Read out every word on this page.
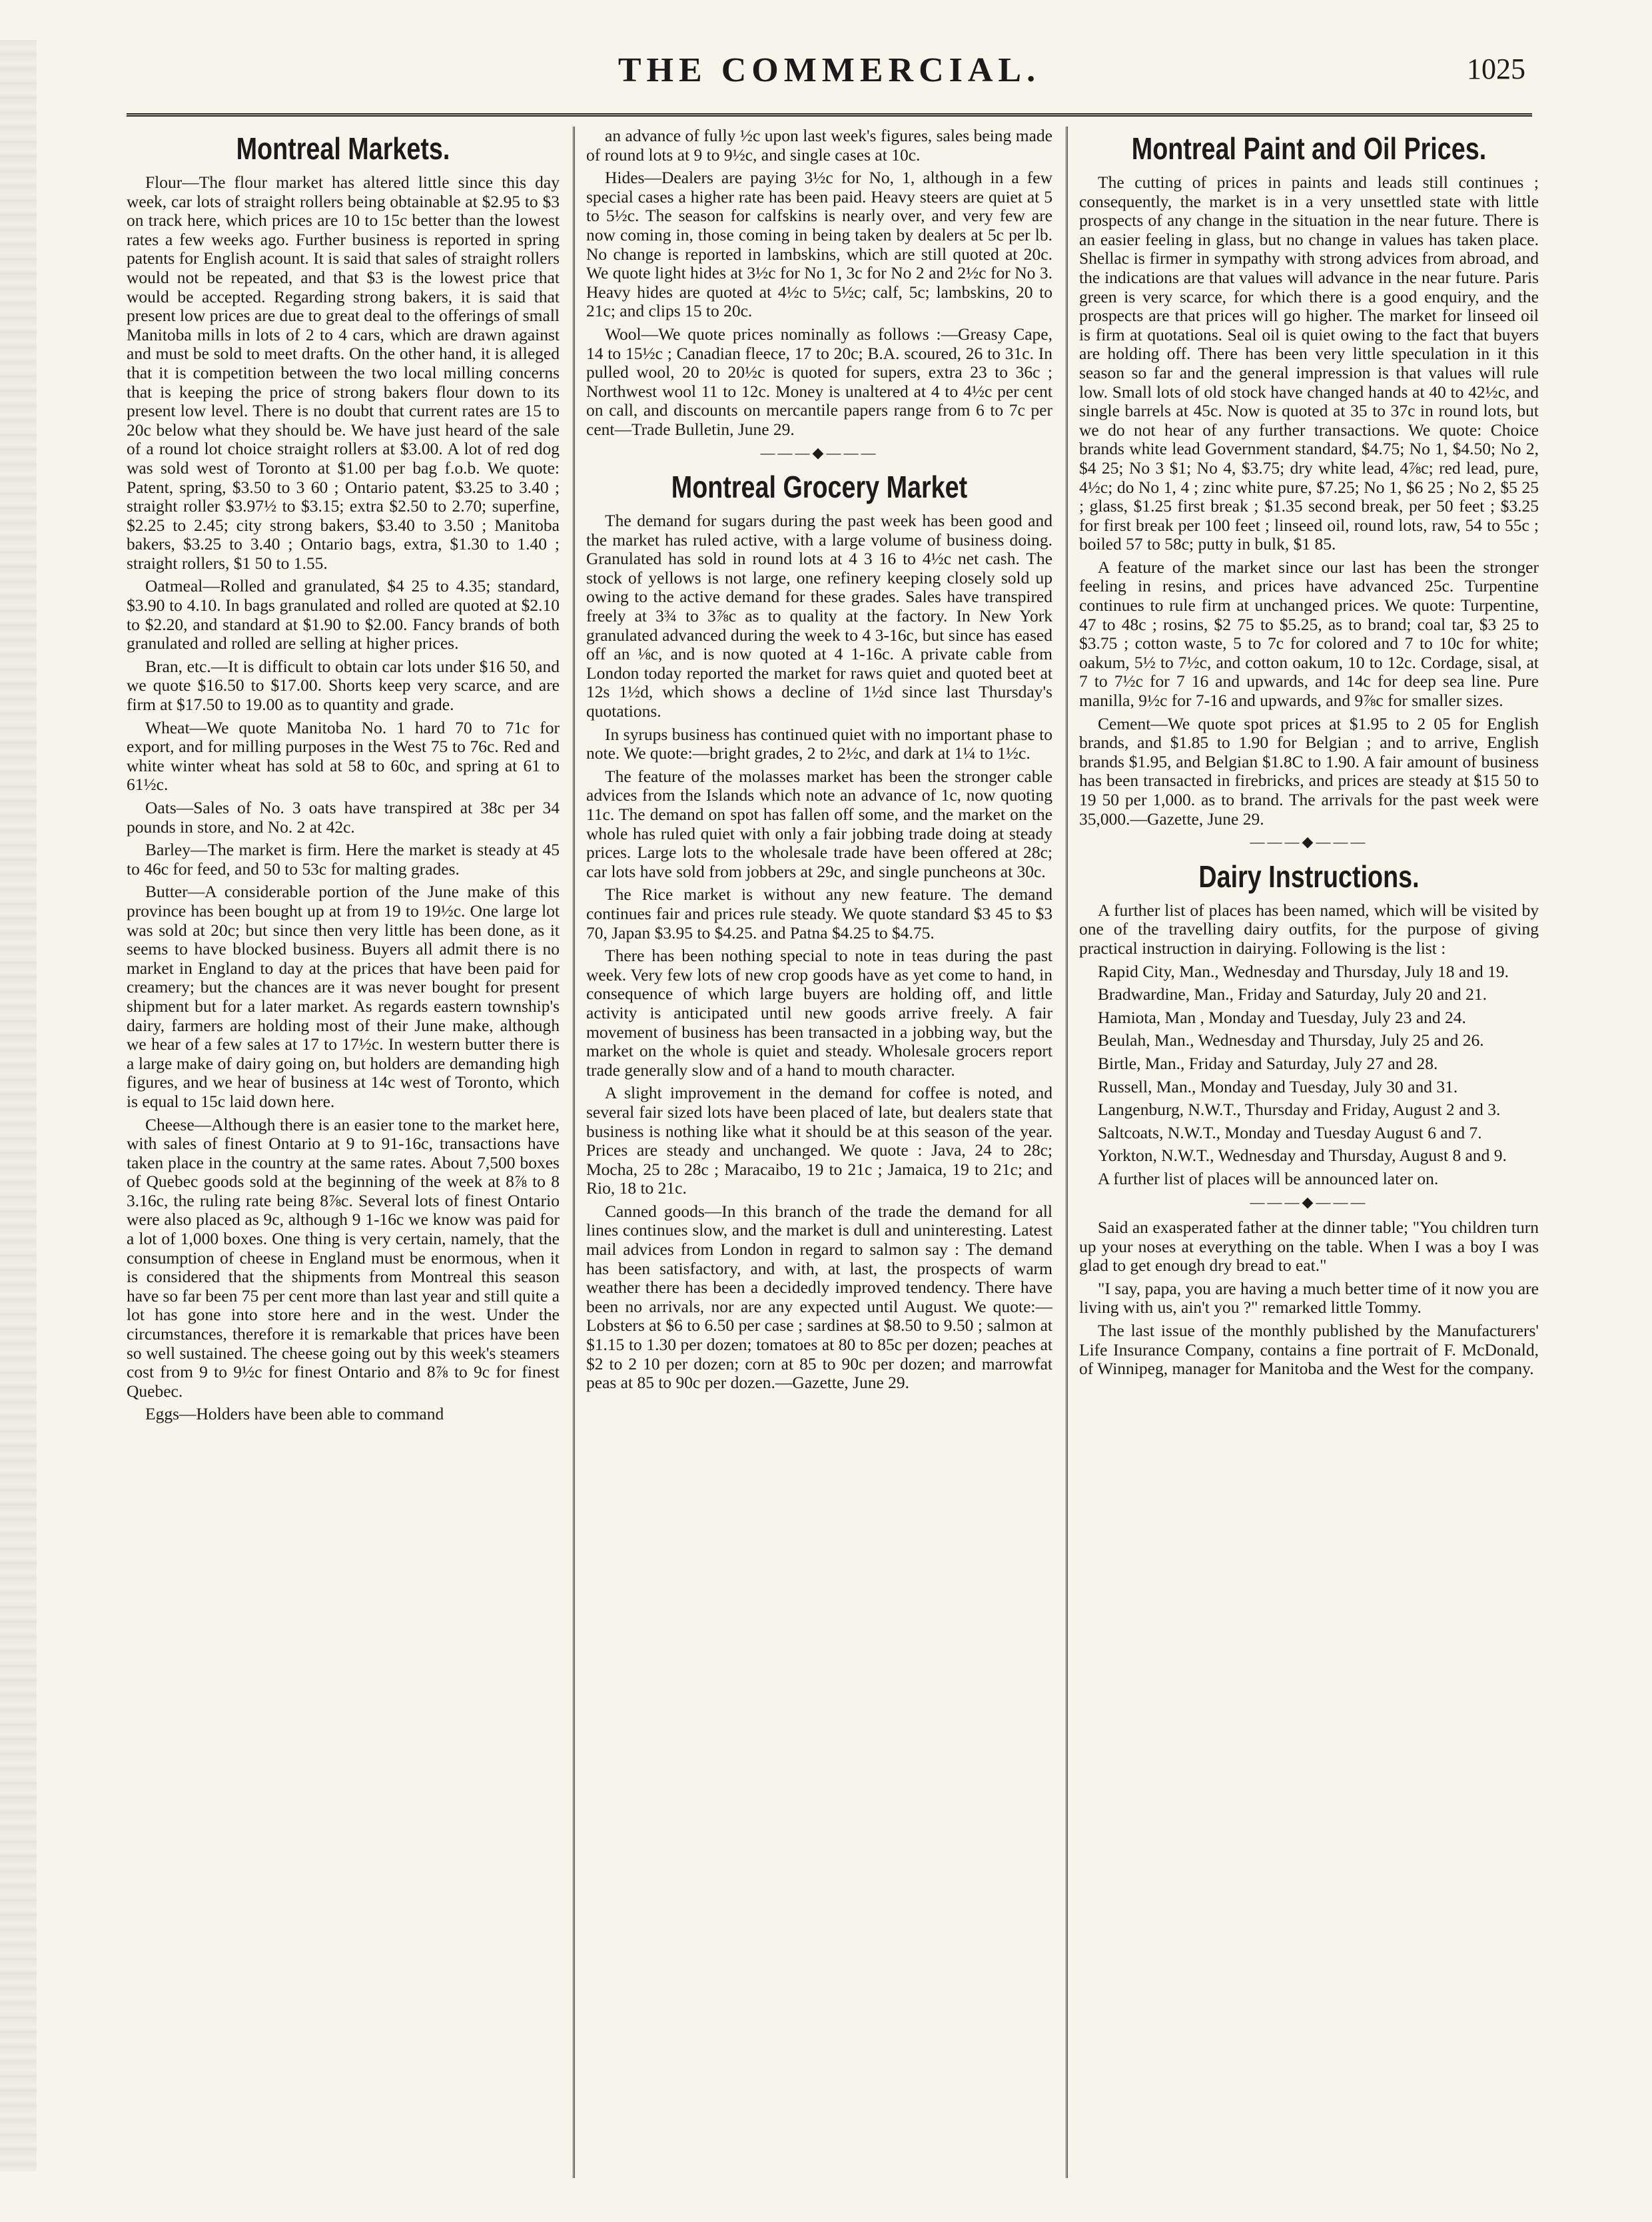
THE COMMERCIAL.	1025
Montreal Markets.

Flour—The flour market has altered little since this day week, car lots of straight rollers being obtainable at $2.95 to $3 on track here, which prices are 10 to 15c better than the lowest rates a few weeks ago. Further business is reported in spring patents for English acount. It is said that sales of straight rollers would not be repeated, and that $3 is the lowest price that would be accepted. Regarding strong bakers, it is said that present low prices are due to great deal to the offerings of small Manitoba mills in lots of 2 to 4 cars, which are drawn against and must be sold to meet drafts. On the other hand, it is alleged that it is competition between the two local milling concerns that is keeping the price of strong bakers flour down to its present low level. There is no doubt that current rates are 15 to 20c below what they should be. We have just heard of the sale of a round lot choice straight rollers at $3.00. A lot of red dog was sold west of Toronto at $1.00 per bag f.o.b. We quote: Patent, spring, $3.50 to 3 60 ; Ontario patent, $3.25 to 3.40 ; straight roller $3.97½ to $3.15; extra $2.50 to 2.70; superfine, $2.25 to 2.45; city strong bakers, $3.40 to 3.50 ; Manitoba bakers, $3.25 to 3.40 ; Ontario bags, extra, $1.30 to 1.40 ; straight rollers, $1 50 to 1.55.

Oatmeal—Rolled and granulated, $4 25 to 4.35; standard, $3.90 to 4.10. In bags granulated and rolled are quoted at $2.10 to $2.20, and standard at $1.90 to $2.00. Fancy brands of both granulated and rolled are selling at higher prices.

Bran, etc.—It is difficult to obtain car lots under $16 50, and we quote $16.50 to $17.00. Shorts keep very scarce, and are firm at $17.50 to 19.00 as to quantity and grade.

Wheat—We quote Manitoba No. 1 hard 70 to 71c for export, and for milling purposes in the West 75 to 76c. Red and white winter wheat has sold at 58 to 60c, and spring at 61 to 61½c.

Oats—Sales of No. 3 oats have transpired at 38c per 34 pounds in store, and No. 2 at 42c.

Barley—The market is firm. Here the market is steady at 45 to 46c for feed, and 50 to 53c for malting grades.

Butter—A considerable portion of the June make of this province has been bought up at from 19 to 19½c. One large lot was sold at 20c; but since then very little has been done, as it seems to have blocked business. Buyers all admit there is no market in England to day at the prices that have been paid for creamery; but the chances are it was never bought for present shipment but for a later market. As regards eastern township's dairy, farmers are holding most of their June make, although we hear of a few sales at 17 to 17½c. In western butter there is a large make of dairy going on, but holders are demanding high figures, and we hear of business at 14c west of Toronto, which is equal to 15c laid down here.

Cheese—Although there is an easier tone to the market here, with sales of finest Ontario at 9 to 91-16c, transactions have taken place in the country at the same rates. About 7,500 boxes of Quebec goods sold at the beginning of the week at 8⅞ to 8 3.16c, the ruling rate being 8⅞c. Several lots of finest Ontario were also placed as 9c, although 9 1-16c we know was paid for a lot of 1,000 boxes. One thing is very certain, namely, that the consumption of cheese in England must be enormous, when it is considered that the shipments from Montreal this season have so far been 75 per cent more than last year and still quite a lot has gone into store here and in the west. Under the circumstances, therefore it is remarkable that prices have been so well sustained. The cheese going out by this week's steamers cost from 9 to 9½c for finest Ontario and 8⅞ to 9c for finest Quebec.

Eggs—Holders have been able to command

an advance of fully ½c upon last week's figures, sales being made of round lots at 9 to 9½c, and single cases at 10c.

Hides—Dealers are paying 3½c for No, 1, although in a few special cases a higher rate has been paid. Heavy steers are quiet at 5 to 5½c. The season for calfskins is nearly over, and very few are now coming in, those coming in being taken by dealers at 5c per lb. No change is reported in lambskins, which are still quoted at 20c. We quote light hides at 3½c for No 1, 3c for No 2 and 2½c for No 3. Heavy hides are quoted at 4½c to 5½c; calf, 5c; lambskins, 20 to 21c; and clips 15 to 20c.

Wool—We quote prices nominally as follows :—Greasy Cape, 14 to 15½c ; Canadian fleece, 17 to 20c; B.A. scoured, 26 to 31c. In pulled wool, 20 to 20½c is quoted for supers, extra 23 to 36c ; Northwest wool 11 to 12c. Money is unaltered at 4 to 4½c per cent on call, and discounts on mercantile papers range from 6 to 7c per cent—Trade Bulletin, June 29.

———◆———
Montreal Grocery Market

The demand for sugars during the past week has been good and the market has ruled active, with a large volume of business doing. Granulated has sold in round lots at 4 3 16 to 4½c net cash. The stock of yellows is not large, one refinery keeping closely sold up owing to the active demand for these grades. Sales have transpired freely at 3¾ to 3⅞c as to quality at the factory. In New York granulated advanced during the week to 4 3-16c, but since has eased off an ⅛c, and is now quoted at 4 1-16c. A private cable from London today reported the market for raws quiet and quoted beet at 12s 1½d, which shows a decline of 1½d since last Thursday's quotations.

In syrups business has continued quiet with no important phase to note. We quote:—bright grades, 2 to 2½c, and dark at 1¼ to 1½c.

The feature of the molasses market has been the stronger cable advices from the Islands which note an advance of 1c, now quoting 11c. The demand on spot has fallen off some, and the market on the whole has ruled quiet with only a fair jobbing trade doing at steady prices. Large lots to the wholesale trade have been offered at 28c; car lots have sold from jobbers at 29c, and single puncheons at 30c.

The Rice market is without any new feature. The demand continues fair and prices rule steady. We quote standard $3 45 to $3 70, Japan $3.95 to $4.25. and Patna $4.25 to $4.75.

There has been nothing special to note in teas during the past week. Very few lots of new crop goods have as yet come to hand, in consequence of which large buyers are holding off, and little activity is anticipated until new goods arrive freely. A fair movement of business has been transacted in a jobbing way, but the market on the whole is quiet and steady. Wholesale grocers report trade generally slow and of a hand to mouth character.

A slight improvement in the demand for coffee is noted, and several fair sized lots have been placed of late, but dealers state that business is nothing like what it should be at this season of the year. Prices are steady and unchanged. We quote : Java, 24 to 28c; Mocha, 25 to 28c ; Maracaibo, 19 to 21c ; Jamaica, 19 to 21c; and Rio, 18 to 21c.

Canned goods—In this branch of the trade the demand for all lines continues slow, and the market is dull and uninteresting. Latest mail advices from London in regard to salmon say : The demand has been satisfactory, and with, at last, the prospects of warm weather there has been a decidedly improved tendency. There have been no arrivals, nor are any expected until August. We quote:—Lobsters at $6 to 6.50 per case ; sardines at $8.50 to 9.50 ; salmon at $1.15 to 1.30 per dozen; tomatoes at 80 to 85c per dozen; peaches at $2 to 2 10 per dozen; corn at 85 to 90c per dozen; and marrowfat peas at 85 to 90c per dozen.—Gazette, June 29.

Montreal Paint and Oil Prices.

The cutting of prices in paints and leads still continues ; consequently, the market is in a very unsettled state with little prospects of any change in the situation in the near future. There is an easier feeling in glass, but no change in values has taken place. Shellac is firmer in sympathy with strong advices from abroad, and the indications are that values will advance in the near future. Paris green is very scarce, for which there is a good enquiry, and the prospects are that prices will go higher. The market for linseed oil is firm at quotations. Seal oil is quiet owing to the fact that buyers are holding off. There has been very little speculation in it this season so far and the general impression is that values will rule low. Small lots of old stock have changed hands at 40 to 42½c, and single barrels at 45c. Now is quoted at 35 to 37c in round lots, but we do not hear of any further transactions. We quote: Choice brands white lead Government standard, $4.75; No 1, $4.50; No 2, $4 25; No 3 $1; No 4, $3.75; dry white lead, 4⅞c; red lead, pure, 4½c; do No 1, 4 ; zinc white pure, $7.25; No 1, $6 25 ; No 2, $5 25 ; glass, $1.25 first break ; $1.35 second break, per 50 feet ; $3.25 for first break per 100 feet ; linseed oil, round lots, raw, 54 to 55c ; boiled 57 to 58c; putty in bulk, $1 85.

A feature of the market since our last has been the stronger feeling in resins, and prices have advanced 25c. Turpentine continues to rule firm at unchanged prices. We quote: Turpentine, 47 to 48c ; rosins, $2 75 to $5.25, as to brand; coal tar, $3 25 to $3.75 ; cotton waste, 5 to 7c for colored and 7 to 10c for white; oakum, 5½ to 7½c, and cotton oakum, 10 to 12c. Cordage, sisal, at 7 to 7½c for 7 16 and upwards, and 14c for deep sea line. Pure manilla, 9½c for 7-16 and upwards, and 9⅞c for smaller sizes.

Cement—We quote spot prices at $1.95 to 2 05 for English brands, and $1.85 to 1.90 for Belgian ; and to arrive, English brands $1.95, and Belgian $1.8C to 1.90. A fair amount of business has been transacted in firebricks, and prices are steady at $15 50 to 19 50 per 1,000. as to brand. The arrivals for the past week were 35,000.—Gazette, June 29.

———◆———
Dairy Instructions.

A further list of places has been named, which will be visited by one of the travelling dairy outfits, for the purpose of giving practical instruction in dairying. Following is the list :

Rapid City, Man., Wednesday and Thursday, July 18 and 19.

Bradwardine, Man., Friday and Saturday, July 20 and 21.

Hamiota, Man , Monday and Tuesday, July 23 and 24.

Beulah, Man., Wednesday and Thursday, July 25 and 26.

Birtle, Man., Friday and Saturday, July 27 and 28.

Russell, Man., Monday and Tuesday, July 30 and 31.

Langenburg, N.W.T., Thursday and Friday, August 2 and 3.

Saltcoats, N.W.T., Monday and Tuesday August 6 and 7.

Yorkton, N.W.T., Wednesday and Thursday, August 8 and 9.

A further list of places will be announced later on.

———◆———

Said an exasperated father at the dinner table; "You children turn up your noses at everything on the table. When I was a boy I was glad to get enough dry bread to eat."

"I say, papa, you are having a much better time of it now you are living with us, ain't you ?" remarked little Tommy.

The last issue of the monthly published by the Manufacturers' Life Insurance Company, contains a fine portrait of F. McDonald, of Winnipeg, manager for Manitoba and the West for the company.
